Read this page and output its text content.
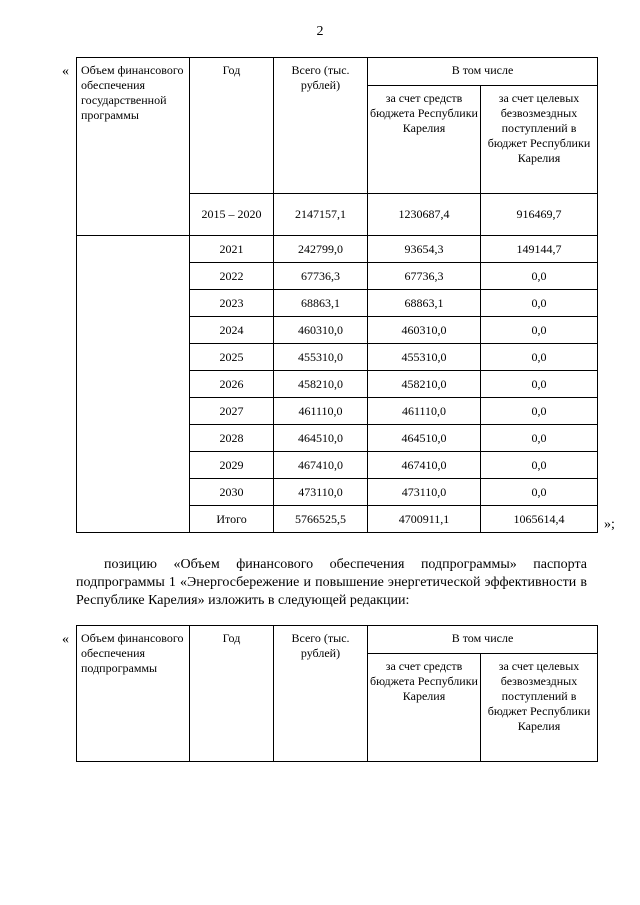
2
« Объем финансового обеспечения государственной программы	Год	Всего (тыс. рублей)	В том числе	
			за счет средств бюджета Республики Карелия	за счет целевых безвозмездных поступлений в бюджет Республики Карелия
	2015 – 2020	2147157,1	1230687,4	916469,7
	2021	242799,0	93654,3	149144,7
	2022	67736,3	67736,3	0,0
	2023	68863,1	68863,1	0,0
	2024	460310,0	460310,0	0,0
	2025	455310,0	455310,0	0,0
	2026	458210,0	458210,0	0,0
	2027	461110,0	461110,0	0,0
	2028	464510,0	464510,0	0,0
	2029	467410,0	467410,0	0,0
	2030	473110,0	473110,0	0,0
	Итого	5766525,5	4700911,1	1065614,4	»;

позицию «Объем финансового обеспечения подпрограммы» паспорта подпрограммы 1 «Энергосбережение и повышение энергетической эффективности в Республике Карелия» изложить в следующей редакции:

« Объем финансового обеспечения подпрограммы	Год	Всего (тыс. рублей)	В том числе	
			за счет средств бюджета Республики Карелия	за счет целевых безвозмездных поступлений в бюджет Республики Карелия
